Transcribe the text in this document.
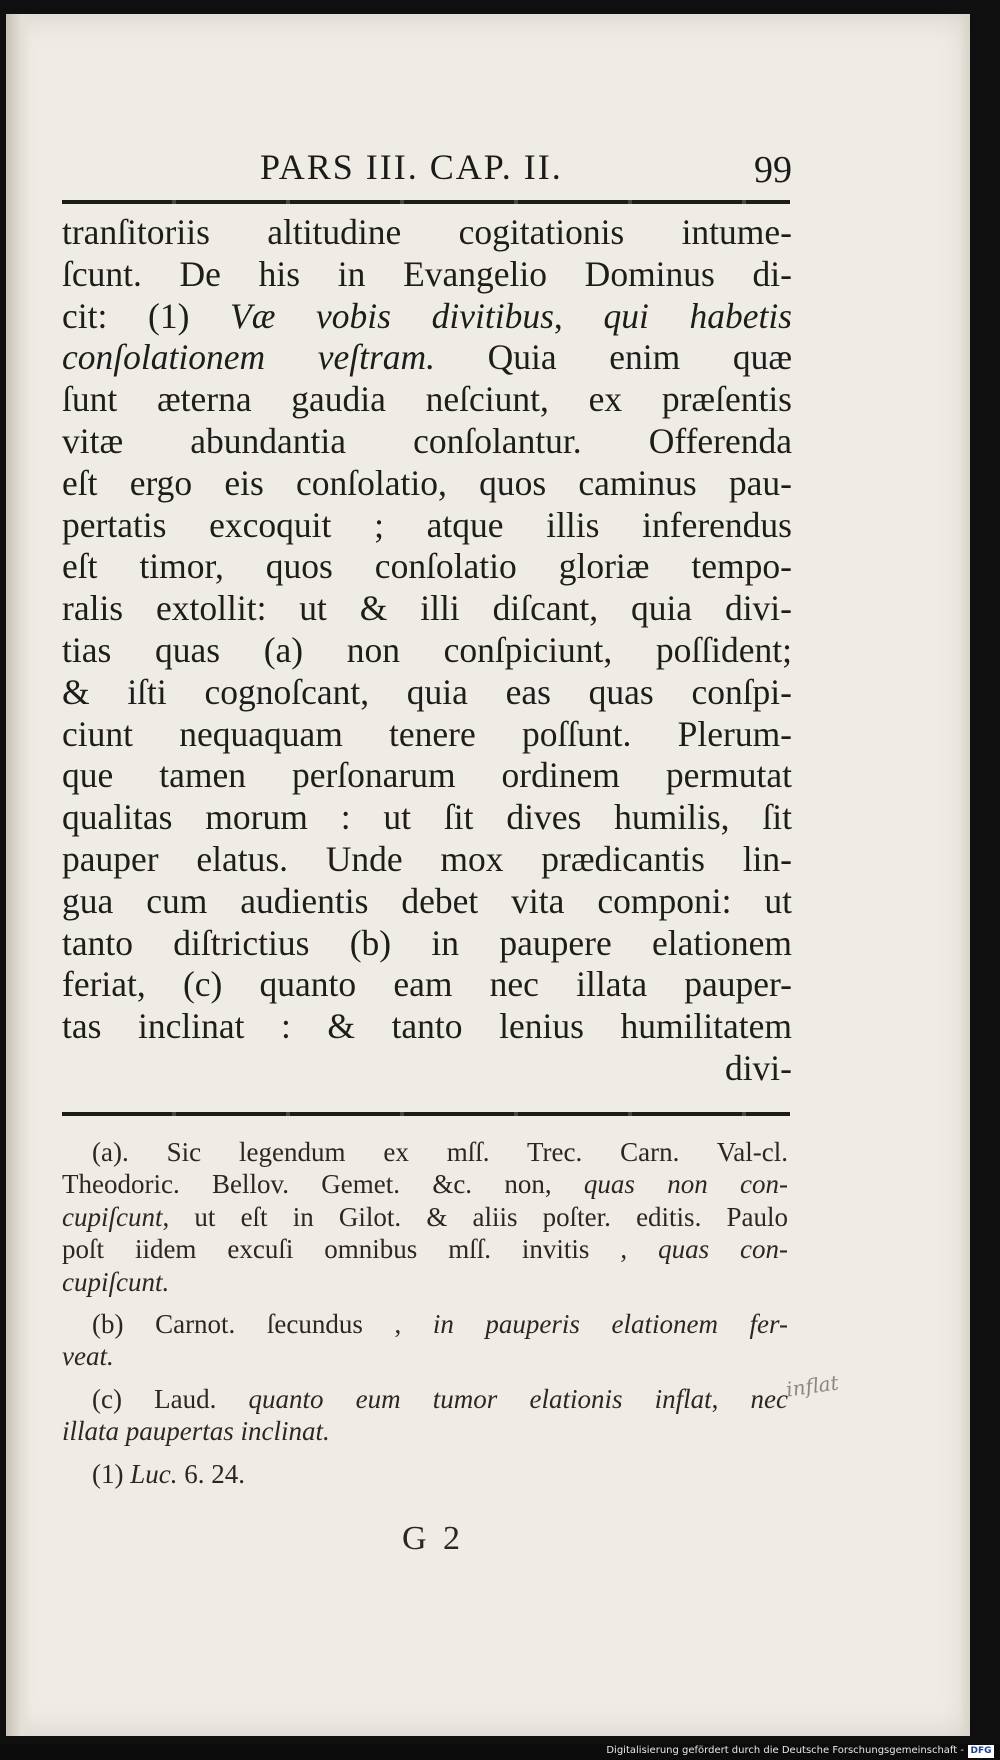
PARS III. CAP. II.	99
tranſitoriis altitudine cogitationis intume-
ſcunt. De his in Evangelio Dominus di-
cit: (1) Væ vobis divitibus, qui habetis
conſolationem veſtram. Quia enim quæ
ſunt æterna gaudia neſciunt, ex præſentis
vitæ abundantia conſolantur. Offerenda
eſt ergo eis conſolatio, quos caminus pau-
pertatis excoquit ; atque illis inferendus
eſt timor, quos conſolatio gloriæ tempo-
ralis extollit: ut & illi diſcant, quia divi-
tias quas (a) non conſpiciunt, poſſident;
& iſti cognoſcant, quia eas quas conſpi-
ciunt nequaquam tenere poſſunt. Plerum-
que tamen perſonarum ordinem permutat
qualitas morum : ut ſit dives humilis, ſit
pauper elatus. Unde mox prædicantis lin-
gua cum audientis debet vita componi: ut
tanto diſtrictius (b) in paupere elationem
feriat, (c) quanto eam nec illata pauper-
tas inclinat : & tanto lenius humilitatem
divi-
(a). Sic legendum ex mſſ. Trec. Carn. Val-cl.
Theodoric. Bellov. Gemet. &c. non, quas non con-
cupiſcunt, ut eſt in Gilot. & aliis poſter. editis. Paulo
poſt iidem excuſi omnibus mſſ. invitis , quas con-
cupiſcunt.
(b) Carnot. ſecundus , in pauperis elationem fer-
veat.
(c) Laud. quanto eum tumor elationis inflat, nec
illata paupertas inclinat.
(1) Luc. 6. 24.
G 2
inflat
Digitalisierung gefördert durch die Deutsche Forschungsgemeinschaft - DFG
